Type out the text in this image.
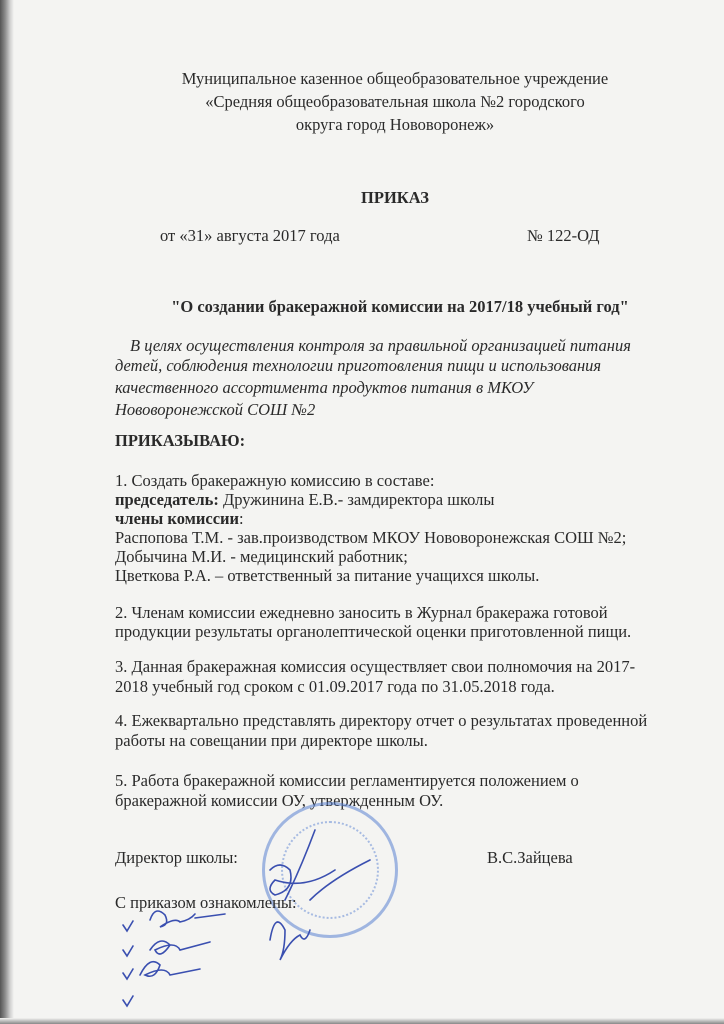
Муниципальное казенное общеобразовательное учреждение
«Средняя общеобразовательная школа №2 городского
округа город Нововоронеж»
ПРИКАЗ
от «31» августа 2017 года	№ 122-ОД
"О создании бракеражной комиссии на 2017/18 учебный год"
В целях осуществления контроля за правильной организацией питания
детей, соблюдения технологии приготовления пищи и использования
качественного ассортимента продуктов питания в МКОУ
Нововоронежской СОШ №2
ПРИКАЗЫВАЮ:
1. Создать бракеражную комиссию в составе:
председатель: Дружинина Е.В.- замдиректора школы
члены комиссии:
Распопова Т.М. - зав.производством МКОУ Нововоронежская СОШ №2;
Добычина М.И. - медицинский работник;
Цветкова Р.А. – ответственный за питание учащихся школы.
2. Членам комиссии ежедневно заносить в Журнал бракеража готовой
продукции результаты органолептической оценки приготовленной пищи.
3. Данная бракеражная комиссия осуществляет свои полномочия на 2017-
2018 учебный год сроком с 01.09.2017 года по 31.05.2018 года.
4. Ежеквартально представлять директору отчет о результатах проведенной
работы на совещании при директоре школы.
5. Работа бракеражной комиссии регламентируется положением о
бракеражной комиссии ОУ, утвержденным ОУ.
Директор школы:	В.С.Зайцева
С приказом ознакомлены:
